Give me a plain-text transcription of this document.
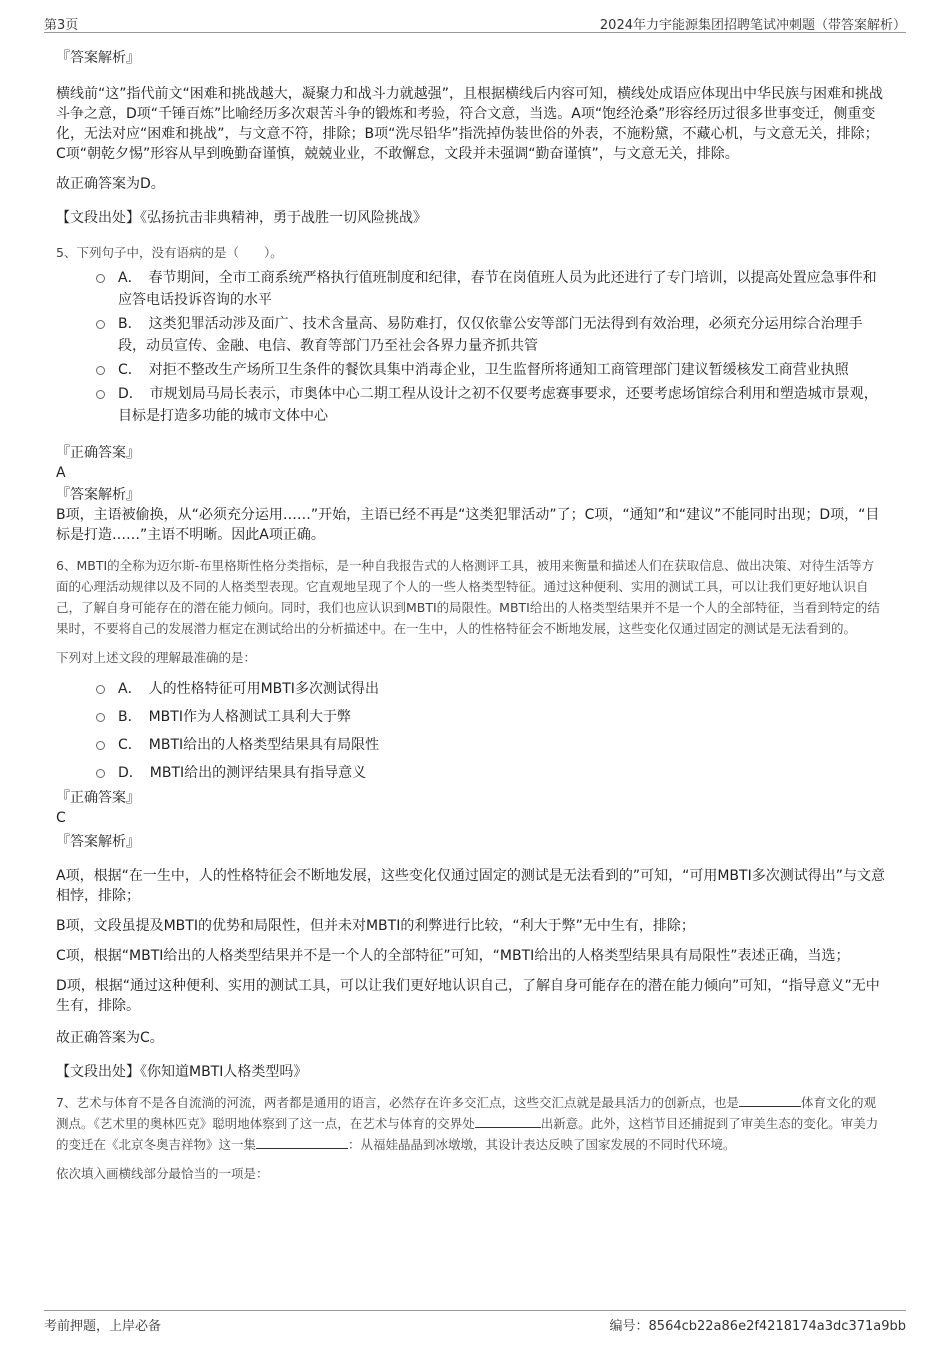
第3页	2024年力宇能源集团招聘笔试冲刺题（带答案解析）

『答案解析』

横线前“这”指代前文“困难和挑战越大，凝聚力和战斗力就越强”，且根据横线后内容可知，横线处成语应体现出中华民族与困难和挑战斗争之意，D项“千锤百炼”比喻经历多次艰苦斗争的锻炼和考验，符合文意，当选。A项“饱经沧桑”形容经历过很多世事变迁，侧重变化，无法对应“困难和挑战”，与文意不符，排除；B项“洗尽铅华”指洗掉伪装世俗的外表，不施粉黛，不藏心机，与文意无关，排除；C项“朝乾夕惕”形容从早到晚勤奋谨慎，兢兢业业，不敢懈怠，文段并未强调“勤奋谨慎”，与文意无关，排除。

故正确答案为D。

【文段出处】《弘扬抗击非典精神，勇于战胜一切风险挑战》

5、下列句子中，没有语病的是（　　）。

A．　春节期间，全市工商系统严格执行值班制度和纪律，春节在岗值班人员为此还进行了专门培训，以提高处置应急事件和应答电话投诉咨询的水平

B．　这类犯罪活动涉及面广、技术含量高、易防难打，仅仅依靠公安等部门无法得到有效治理，必须充分运用综合治理手段，动员宣传、金融、电信、教育等部门乃至社会各界力量齐抓共管

C．　对拒不整改生产场所卫生条件的餐饮具集中消毒企业，卫生监督所将通知工商管理部门建议暂缓核发工商营业执照

D．　市规划局马局长表示，市奥体中心二期工程从设计之初不仅要考虑赛事要求，还要考虑场馆综合利用和塑造城市景观，目标是打造多功能的城市文体中心

『正确答案』

A

『答案解析』

B项，主语被偷换，从“必须充分运用……”开始，主语已经不再是“这类犯罪活动”了；C项，“通知”和“建议”不能同时出现；D项，“目标是打造……”主语不明晰。因此A项正确。

6、MBTI的全称为迈尔斯-布里格斯性格分类指标，是一种自我报告式的人格测评工具，被用来衡量和描述人们在获取信息、做出决策、对待生活等方面的心理活动规律以及不同的人格类型表现。它直观地呈现了个人的一些人格类型特征。通过这种便利、实用的测试工具，可以让我们更好地认识自己，了解自身可能存在的潜在能力倾向。同时，我们也应认识到MBTI的局限性。MBTI给出的人格类型结果并不是一个人的全部特征，当看到特定的结果时，不要将自己的发展潜力框定在测试给出的分析描述中。在一生中，人的性格特征会不断地发展，这些变化仅通过固定的测试是无法看到的。

下列对上述文段的理解最准确的是：

A．　人的性格特征可用MBTI多次测试得出

B．　MBTI作为人格测试工具利大于弊

C．　MBTI给出的人格类型结果具有局限性

D．　MBTI给出的测评结果具有指导意义

『正确答案』

C

『答案解析』

A项，根据“在一生中，人的性格特征会不断地发展，这些变化仅通过固定的测试是无法看到的”可知，“可用MBTI多次测试得出”与文意相悖，排除；

B项，文段虽提及MBTI的优势和局限性，但并未对MBTI的利弊进行比较，“利大于弊”无中生有，排除；

C项，根据“MBTI给出的人格类型结果并不是一个人的全部特征”可知，“MBTI给出的人格类型结果具有局限性”表述正确，当选；

D项，根据“通过这种便利、实用的测试工具，可以让我们更好地认识自己，了解自身可能存在的潜在能力倾向”可知，“指导意义”无中生有，排除。

故正确答案为C。

【文段出处】《你知道MBTI人格类型吗》

7、艺术与体育不是各自流淌的河流，两者都是通用的语言，必然存在许多交汇点，这些交汇点就是最具活力的创新点，也是	体育文化的观测点。《艺术里的奥林匹克》聪明地体察到了这一点，在艺术与体育的交界处	出新意。此外，这档节目还捕捉到了审美生态的变化。审美力的变迁在《北京冬奥吉祥物》这一集	：从福娃晶晶到冰墩墩，其设计表达反映了国家发展的不同时代环境。

依次填入画横线部分最恰当的一项是：

考前押题，上岸必备	编号：8564cb22a86e2f4218174a3dc371a9bb
